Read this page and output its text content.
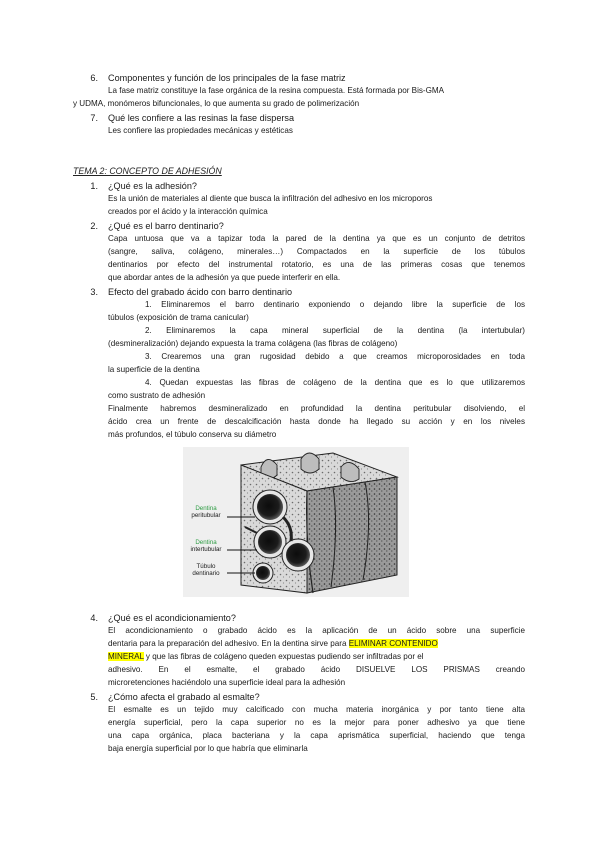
6. Componentes y función de los principales de la fase matriz
La fase matriz constituye la fase orgánica de la resina compuesta. Está formada por Bis-GMA
y UDMA, monómeros bifuncionales, lo que aumenta su grado de polimerización
7. Qué les confiere a las resinas la fase dispersa
Les confiere las propiedades mecánicas y estéticas
TEMA 2: CONCEPTO DE ADHESIÓN
1. ¿Qué es la adhesión?
Es la unión de materiales al diente que busca la infiltración del adhesivo en los microporos
creados por el ácido y la interacción química
2. ¿Qué es el barro dentinario?
Capa untuosa que va a tapizar toda la pared de la dentina ya que es un conjunto de detritos
(sangre, saliva, colágeno, minerales…) Compactados en la superficie de los túbulos
dentinarios por efecto del instrumental rotatorio, es una de las primeras cosas que tenemos
que abordar antes de la adhesión ya que puede interferir en ella.
3. Efecto del grabado ácido con barro dentinario
1. Eliminaremos el barro dentinario exponiendo o dejando libre la superficie de los
túbulos (exposición de trama canicular)
2. Eliminaremos la capa mineral superficial de la dentina (la intertubular)
(desmineralización) dejando expuesta la trama colágena (las fibras de colágeno)
3. Crearemos una gran rugosidad debido a que creamos microporosidades en toda
la superficie de la dentina
4. Quedan expuestas las fibras de colágeno de la dentina que es lo que utilizaremos
como sustrato de adhesión
Finalmente habremos desmineralizado en profundidad la dentina peritubular disolviendo, el
ácido crea un frente de descalcificación hasta donde ha llegado su acción y en los niveles
más profundos, el túbulo conserva su diámetro
Dentina
peritubular
Dentina
intertubular
Túbulo
dentinario
4. ¿Qué es el acondicionamiento?
El acondicionamiento o grabado ácido es la aplicación de un ácido sobre una superficie
dentaria para la preparación del adhesivo. En la dentina sirve para ELIMINAR CONTENIDO
MINERAL y que las fibras de colágeno queden expuestas pudiendo ser infiltradas por el
adhesivo. En el esmalte, el grabado ácido DISUELVE LOS PRISMAS creando
microretenciones haciéndolo una superficie ideal para la adhesión
5. ¿Cómo afecta el grabado al esmalte?
El esmalte es un tejido muy calcificado con mucha materia inorgánica y por tanto tiene alta
energía superficial, pero la capa superior no es la mejor para poner adhesivo ya que tiene
una capa orgánica, placa bacteriana y la capa aprismática superficial, haciendo que tenga
baja energía superficial por lo que habría que eliminarla
